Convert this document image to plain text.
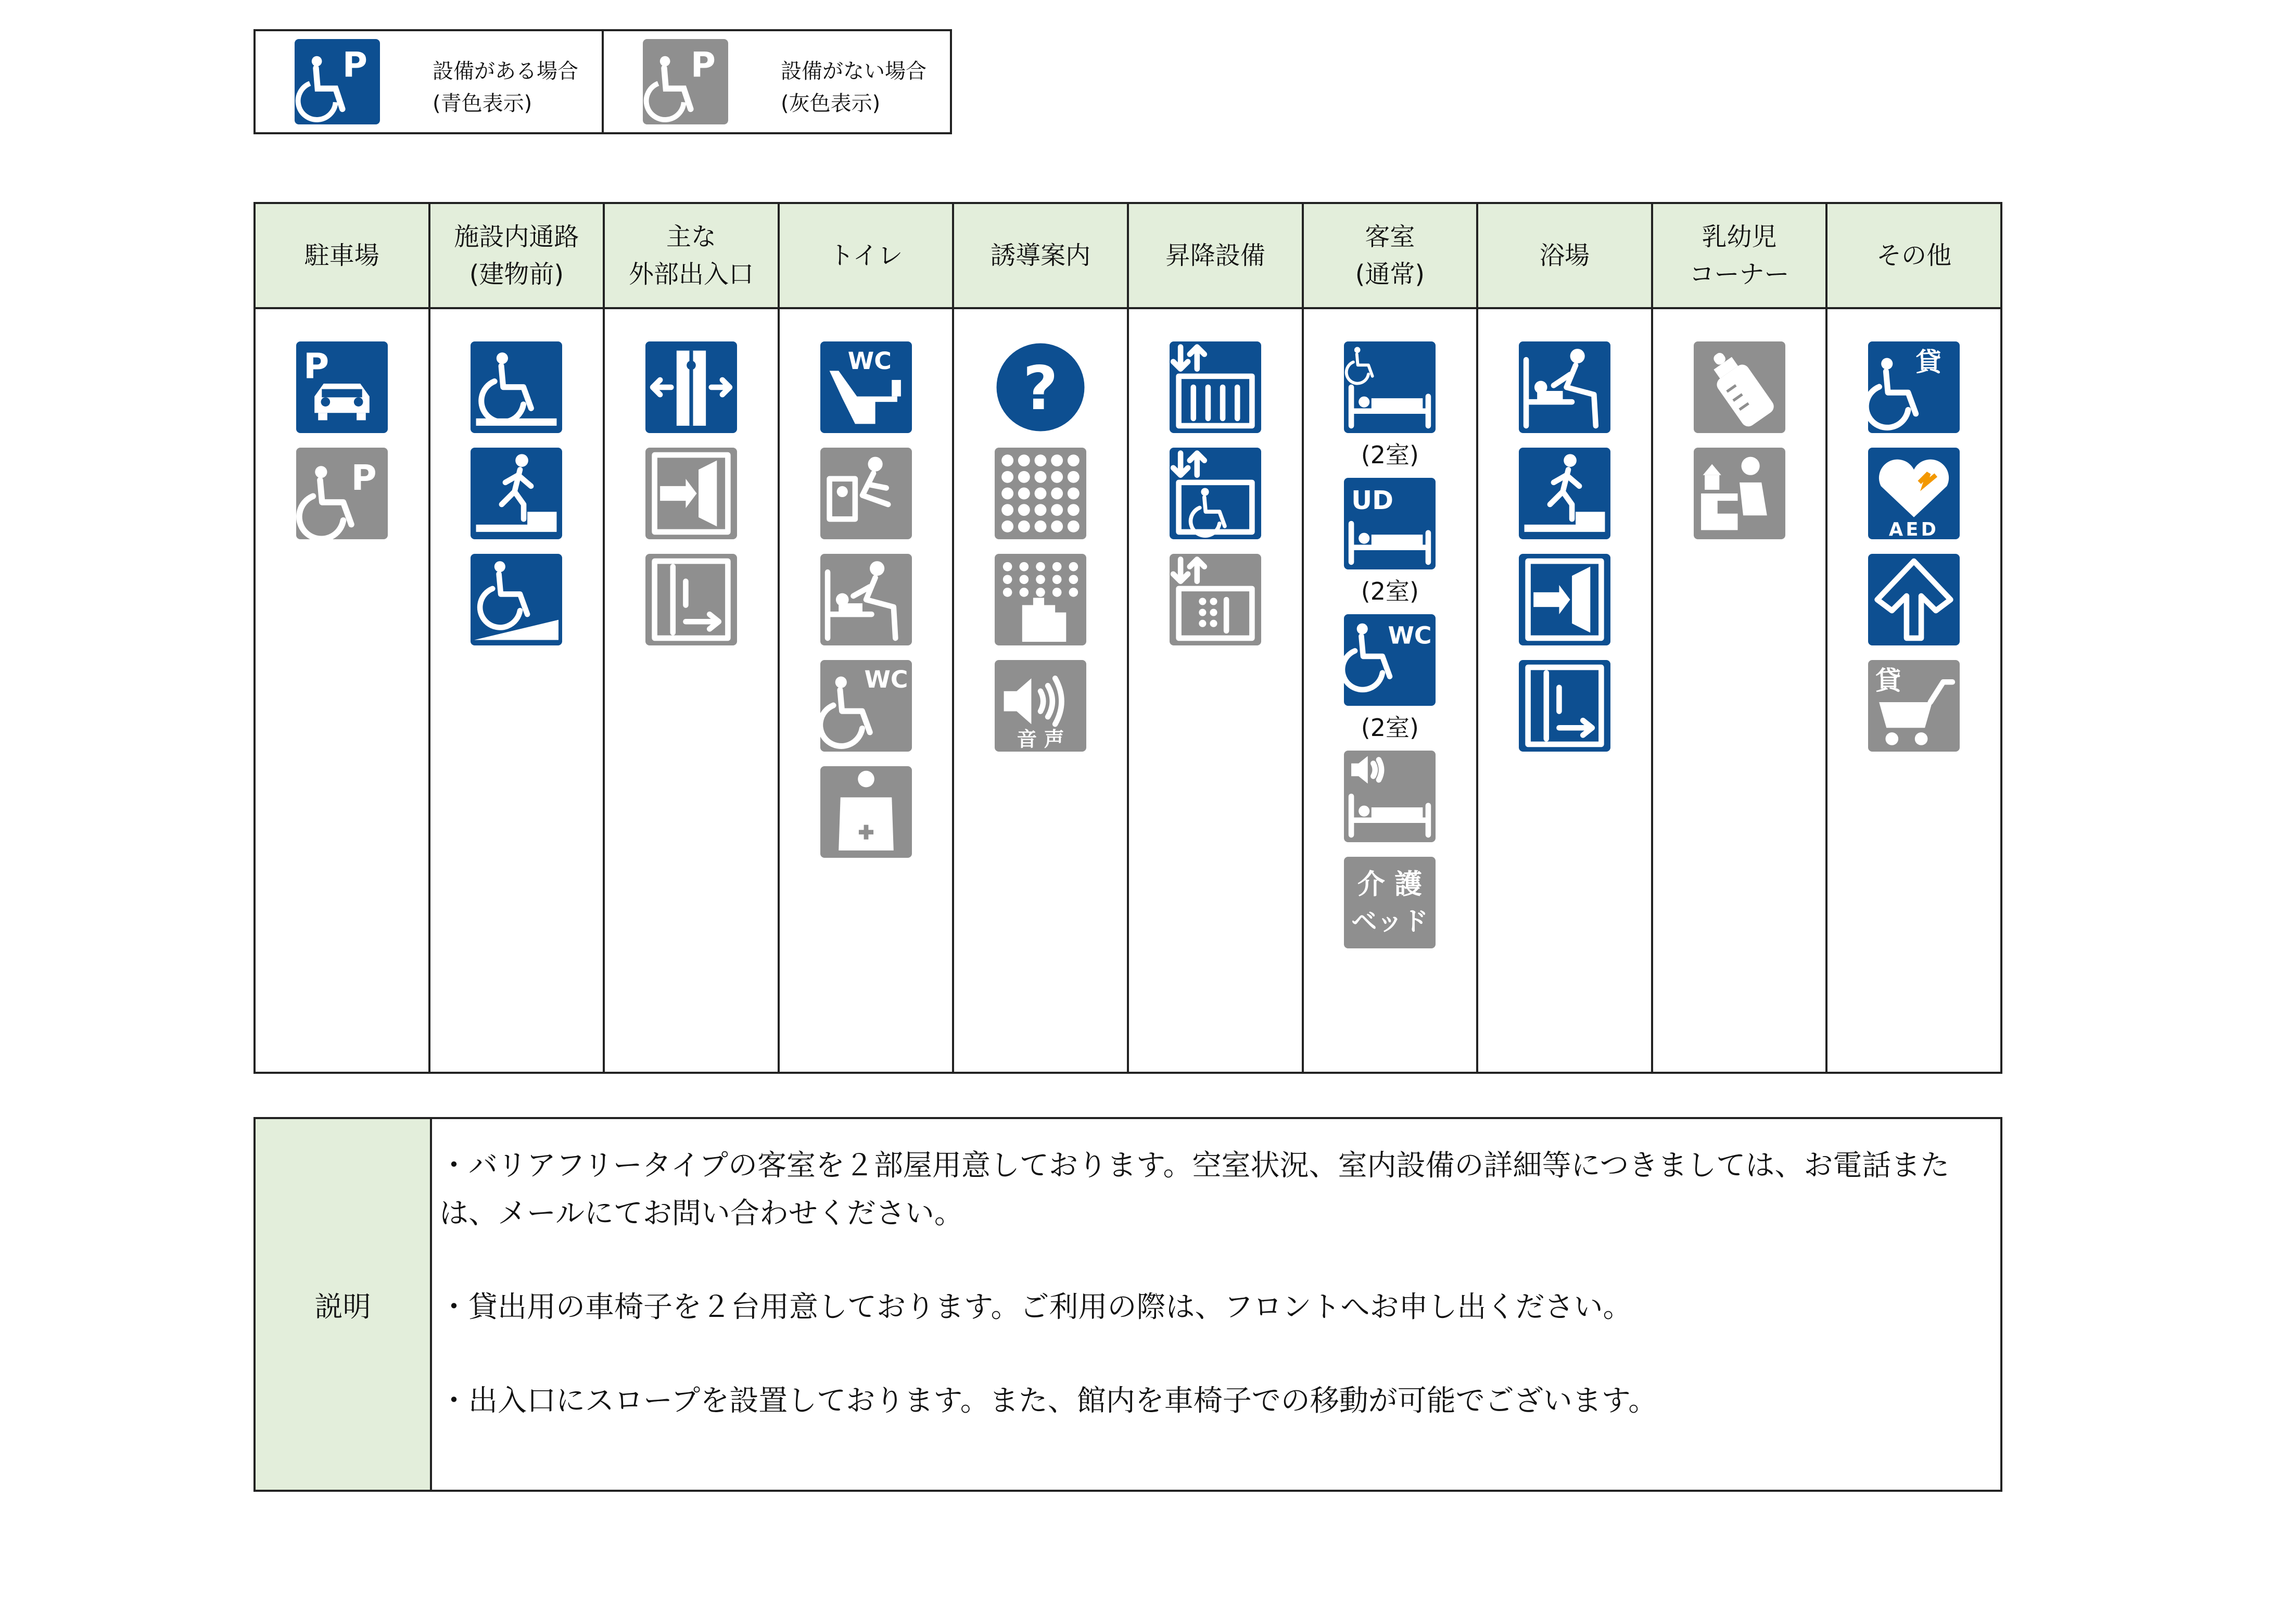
P	設備がある場合
(青色表示)
P	設備がない場合
(灰色表示)
駐車場
P
P
施設内通路
(建物前)
主な
外部出入口
トイレ
WC
WC
誘導案内
?
音 声
昇降設備
客室
(通常)
(2室)
UD
(2室)
WC
(2室)
介 護
ベッド
浴場
乳幼児
コーナー
その他
貸
AED
貸
説明

・バリアフリータイプの客室を２部屋用意しております。空室状況、室内設備の詳細等につきましては、お電話または、メールにてお問い合わせください。

・貸出用の車椅子を２台用意しております。ご利用の際は、フロントへお申し出ください。

・出入口にスロープを設置しております。また、館内を車椅子での移動が可能でございます。
